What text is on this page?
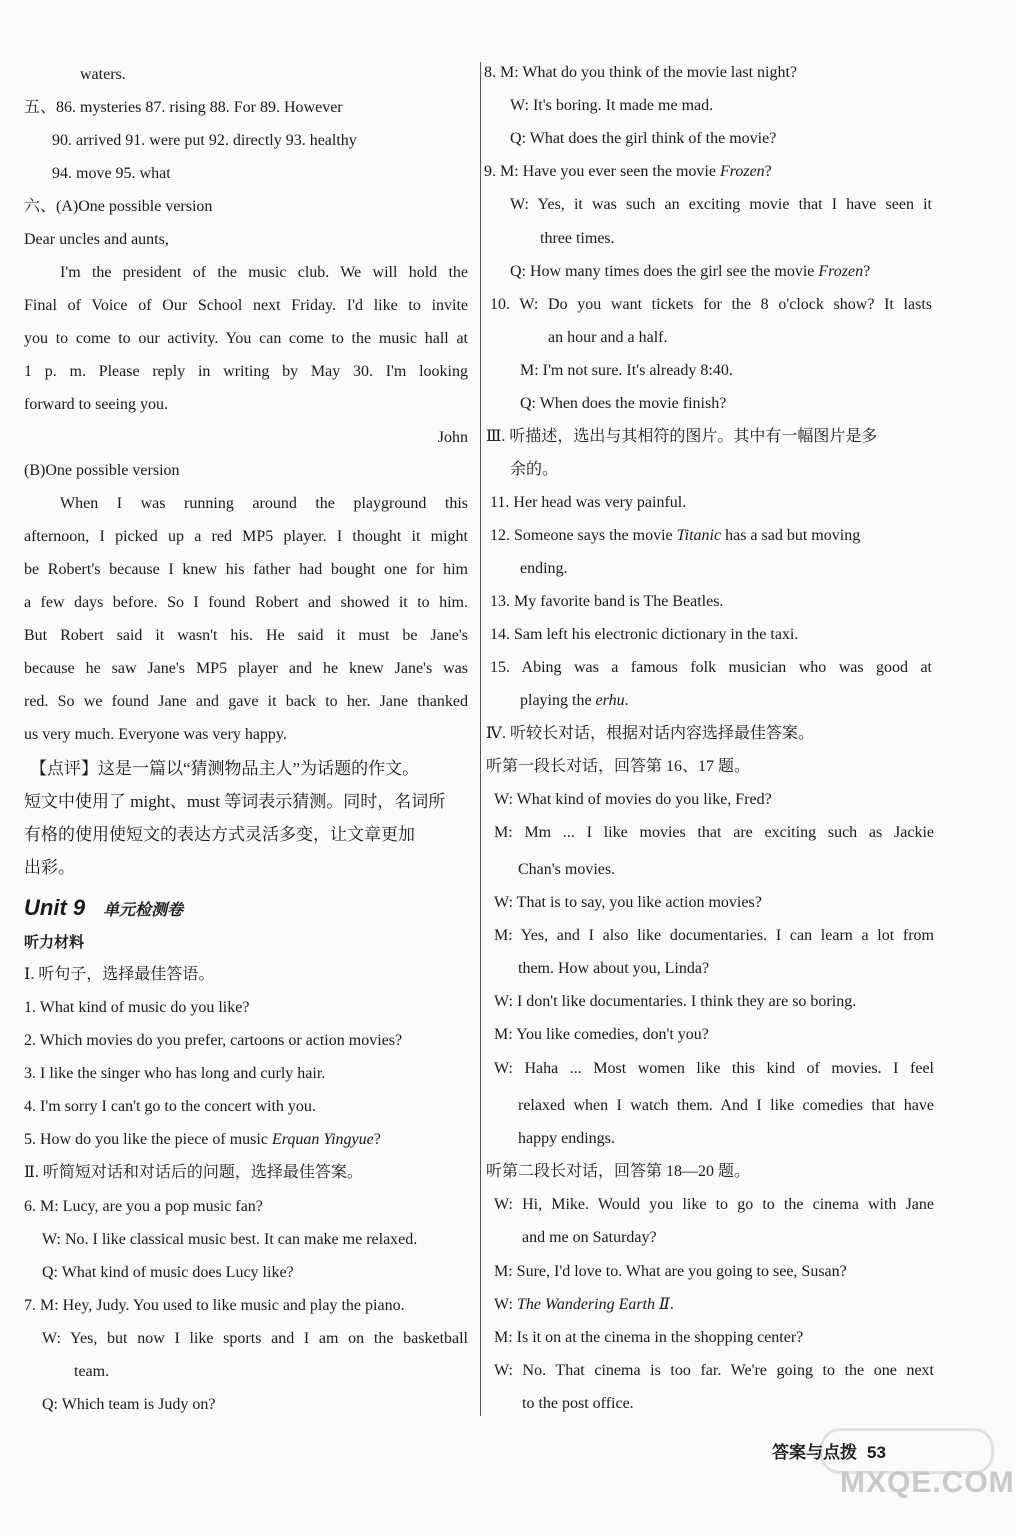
waters.
五、86. mysteries 87. rising 88. For 89. However
90. arrived 91. were put 92. directly 93. healthy
94. move 95. what
六、(A)One possible version
Dear uncles and aunts,
I'm the president of the music club. We will hold the
Final of Voice of Our School next Friday. I'd like to invite
you to come to our activity. You can come to the music hall at
1 p. m. Please reply in writing by May 30. I'm looking
forward to seeing you.
John
(B)One possible version
When I was running around the playground this
afternoon, I picked up a red MP5 player. I thought it might
be Robert's because I knew his father had bought one for him
a few days before. So I found Robert and showed it to him.
But Robert said it wasn't his. He said it must be Jane's
because he saw Jane's MP5 player and he knew Jane's was
red. So we found Jane and gave it back to her. Jane thanked
us very much. Everyone was very happy.
【点评】这是一篇以“猜测物品主人”为话题的作文。
短文中使用了 might、must 等词表示猜测。同时，名词所
有格的使用使短文的表达方式灵活多变，让文章更加
出彩。
Unit 9 单元检测卷
听力材料
Ⅰ. 听句子，选择最佳答语。
1. What kind of music do you like?
2. Which movies do you prefer, cartoons or action movies?
3. I like the singer who has long and curly hair.
4. I'm sorry I can't go to the concert with you.
5. How do you like the piece of music Erquan Yingyue?
Ⅱ. 听简短对话和对话后的问题，选择最佳答案。
6. M: Lucy, are you a pop music fan?
W: No. I like classical music best. It can make me relaxed.
Q: What kind of music does Lucy like?
7. M: Hey, Judy. You used to like music and play the piano.
W: Yes, but now I like sports and I am on the basketball
team.
Q: Which team is Judy on?
8. M: What do you think of the movie last night?
W: It's boring. It made me mad.
Q: What does the girl think of the movie?
9. M: Have you ever seen the movie Frozen?
W: Yes, it was such an exciting movie that I have seen it
three times.
Q: How many times does the girl see the movie Frozen?
10. W: Do you want tickets for the 8 o'clock show? It lasts
an hour and a half.
M: I'm not sure. It's already 8:40.
Q: When does the movie finish?
Ⅲ. 听描述，选出与其相符的图片。其中有一幅图片是多
余的。
11. Her head was very painful.
12. Someone says the movie Titanic has a sad but moving
ending.
13. My favorite band is The Beatles.
14. Sam left his electronic dictionary in the taxi.
15. Abing was a famous folk musician who was good at
playing the erhu.
Ⅳ. 听较长对话，根据对话内容选择最佳答案。
听第一段长对话，回答第 16、17 题。
W: What kind of movies do you like, Fred?
M: Mm ... I like movies that are exciting such as Jackie
Chan's movies.
W: That is to say, you like action movies?
M: Yes, and I also like documentaries. I can learn a lot from
them. How about you, Linda?
W: I don't like documentaries. I think they are so boring.
M: You like comedies, don't you?
W: Haha ... Most women like this kind of movies. I feel
relaxed when I watch them. And I like comedies that have
happy endings.
听第二段长对话，回答第 18—20 题。
W: Hi, Mike. Would you like to go to the cinema with Jane
and me on Saturday?
M: Sure, I'd love to. What are you going to see, Susan?
W: The Wandering Earth Ⅱ.
M: Is it on at the cinema in the shopping center?
W: No. That cinema is too far. We're going to the one next
to the post office.
答案与点拨 53
MXQE.COM
